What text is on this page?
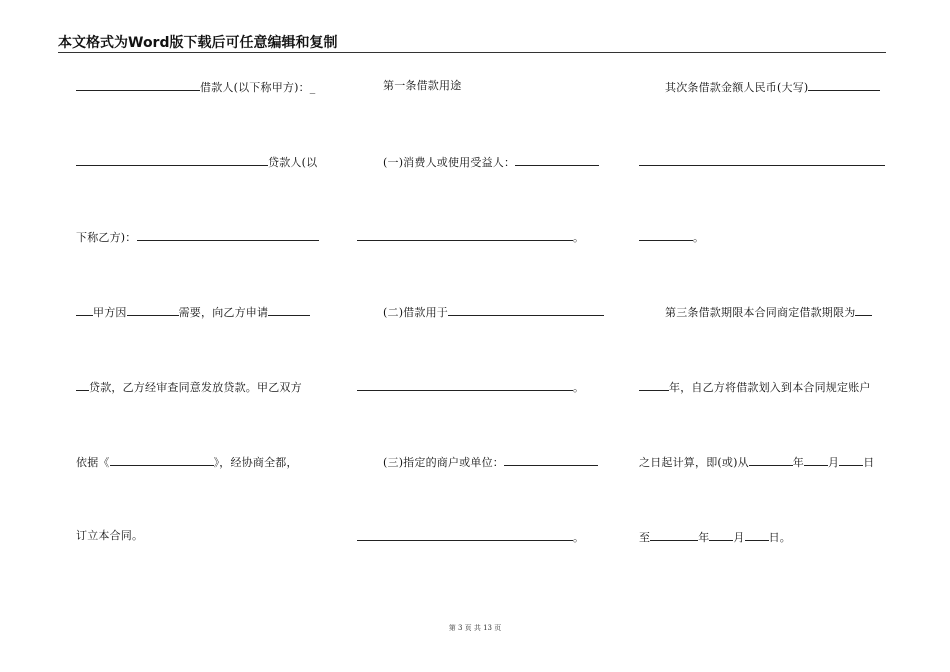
本文格式为Word版下载后可任意编辑和复制
借款人(以下称甲方)：_
贷款人(以
下称乙方)：
甲方因	需要，向乙方申请
贷款，乙方经审查同意发放贷款。甲乙双方
依据《	》，经协商全都，
订立本合同。
第一条借款用途
(一)消费人或使用受益人：
。
(二)借款用于
。
(三)指定的商户或单位：
。
其次条借款金额人民币(大写)
。
第三条借款期限本合同商定借款期限为
年，自乙方将借款划入到本合同规定账户
之日起计算，即(或)从	年 月 日
至	年 月 日。
第 3 页 共 13 页
